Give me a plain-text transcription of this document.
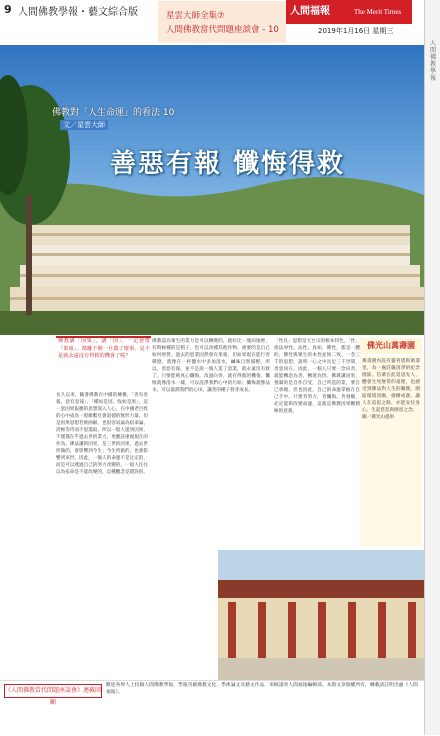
9 人間佛教學報・藝文綜合版	星雲大師全集⑦
人間佛教當代問題座談會 - 10
人間福報	The Merit Times
2019年1月16日 星期三
人
間
佛
教
學
報
佛教對「人生命運」的看法 10
文／星雲大師
善惡有報 懺悔得救
佛教講「因果」，講「因」，一定會帶「果報」，都離不開一旦做了壞事，是不是就永遠沒有得救的機會了呢？
長久以來，隨著佛教在中國的傳播，「善有善報，惡有惡報」，「種如是因，收如是果」，這一套因果報應的思想深入人心，在中國老百姓的心中成為一股維繫社會道德的無形力量。但是因果思想若被曲解，也很容易淪為宿命論、消極等待而不思進取。所以一般人提到因果，不僅僅在乎過去世的業力，更應該重視現在的作為。佛法講的因果，是三世的因果，過去世所做的，會影響到今生；今生所做的，也會影響到來世。因此，一個人的命運不是注定的，而是可以透過自己的努力改變的。一般人往往以為宿命是不能改變的，這種觀念是錯誤的。
佛教認為眾生的業力是可以轉變的，就好比一塊田地裡，有時候種的是稻子，也可以改種其他作物，重要的是自己如何經營。過去的惡業固然會有果報，但如果現在能行善積德，就像在一杯鹽水中多加清水，鹹味自然減輕。所以，善惡有報，並不是說一個人造了惡業，就永遠沒有救了。只要能夠真心懺悔，改過向善，就有得救的機會。懺悔就像清水一樣，可以洗淨我們心中的污垢；懺悔就像法水，可以滋潤我們的心田，讓善的種子發芽成長。
「性具」思想是天台宗的根本特色，「性」指法界性。法性、真如，佛性，都是一體的，佛性與眾生的本性並無二致。一念三千的思想，說明一心之中具足三千世間，善惡同在。因此，一個人只要一念向善，就能轉惡為善，轉迷為悟。佛教講因果，強調的是自作自受，自己所造的業，要自己承擔，但也因此，自己的命運掌握在自己手中。只要肯努力，肯懺悔，肯發願，必定能夠改變命運，這就是佛教因果觀積極的意義。
佛光山萬壽園
萬壽園內設有靈骨塔與萬壽堂，為一處莊嚴清淨的紀念園區。信眾在此追思先人，體會生死無常的道理，也感受到佛法對人生的關懷。園區環境清幽，綠樹成蔭，讓人在追思之餘，亦能安住身心，生起慈悲與感恩之念。
圖／佛光山提供
《人間佛教當代問題座談會》連載回顧
歡迎各界人士投稿人間佛教學報，學報刊載佛教文化、學術論文及藝文作品，來稿請寄人間福報編輯部。本版文章版權所有，轉載請註明出處《人間福報》。
